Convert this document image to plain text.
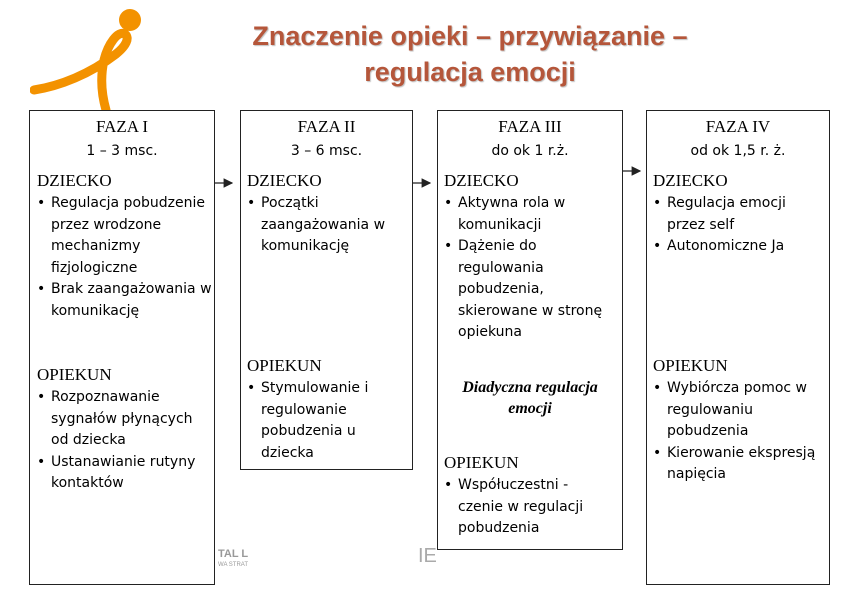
Znaczenie opieki – przywiązanie –
regulacja emocji
TAL L
WA STRAT	IE
FAZA I
1 – 3 msc.
DZIECKO
• Regulacja pobudzenie przez wrodzone mechanizmy fizjologiczne
• Brak zaangażowania w komunikację
OPIEKUN
• Rozpoznawanie sygnałów płynących od dziecka
• Ustanawianie rutyny kontaktów
FAZA II
3 – 6 msc.
DZIECKO
• Początki zaangażowania w komunikację
OPIEKUN
• Stymulowanie i regulowanie pobudzenia u dziecka
FAZA III
do ok 1 r.ż.
DZIECKO
• Aktywna rola w komunikacji
• Dążenie do regulowania pobudzenia, skierowane w stronę opiekuna
Diadyczna regulacja emocji
OPIEKUN
• Współuczestni - czenie w regulacji pobudzenia
FAZA IV
od ok 1,5 r. ż.
DZIECKO
• Regulacja emocji przez self
• Autonomiczne Ja
OPIEKUN
• Wybiórcza pomoc w regulowaniu pobudzenia
• Kierowanie ekspresją napięcia
